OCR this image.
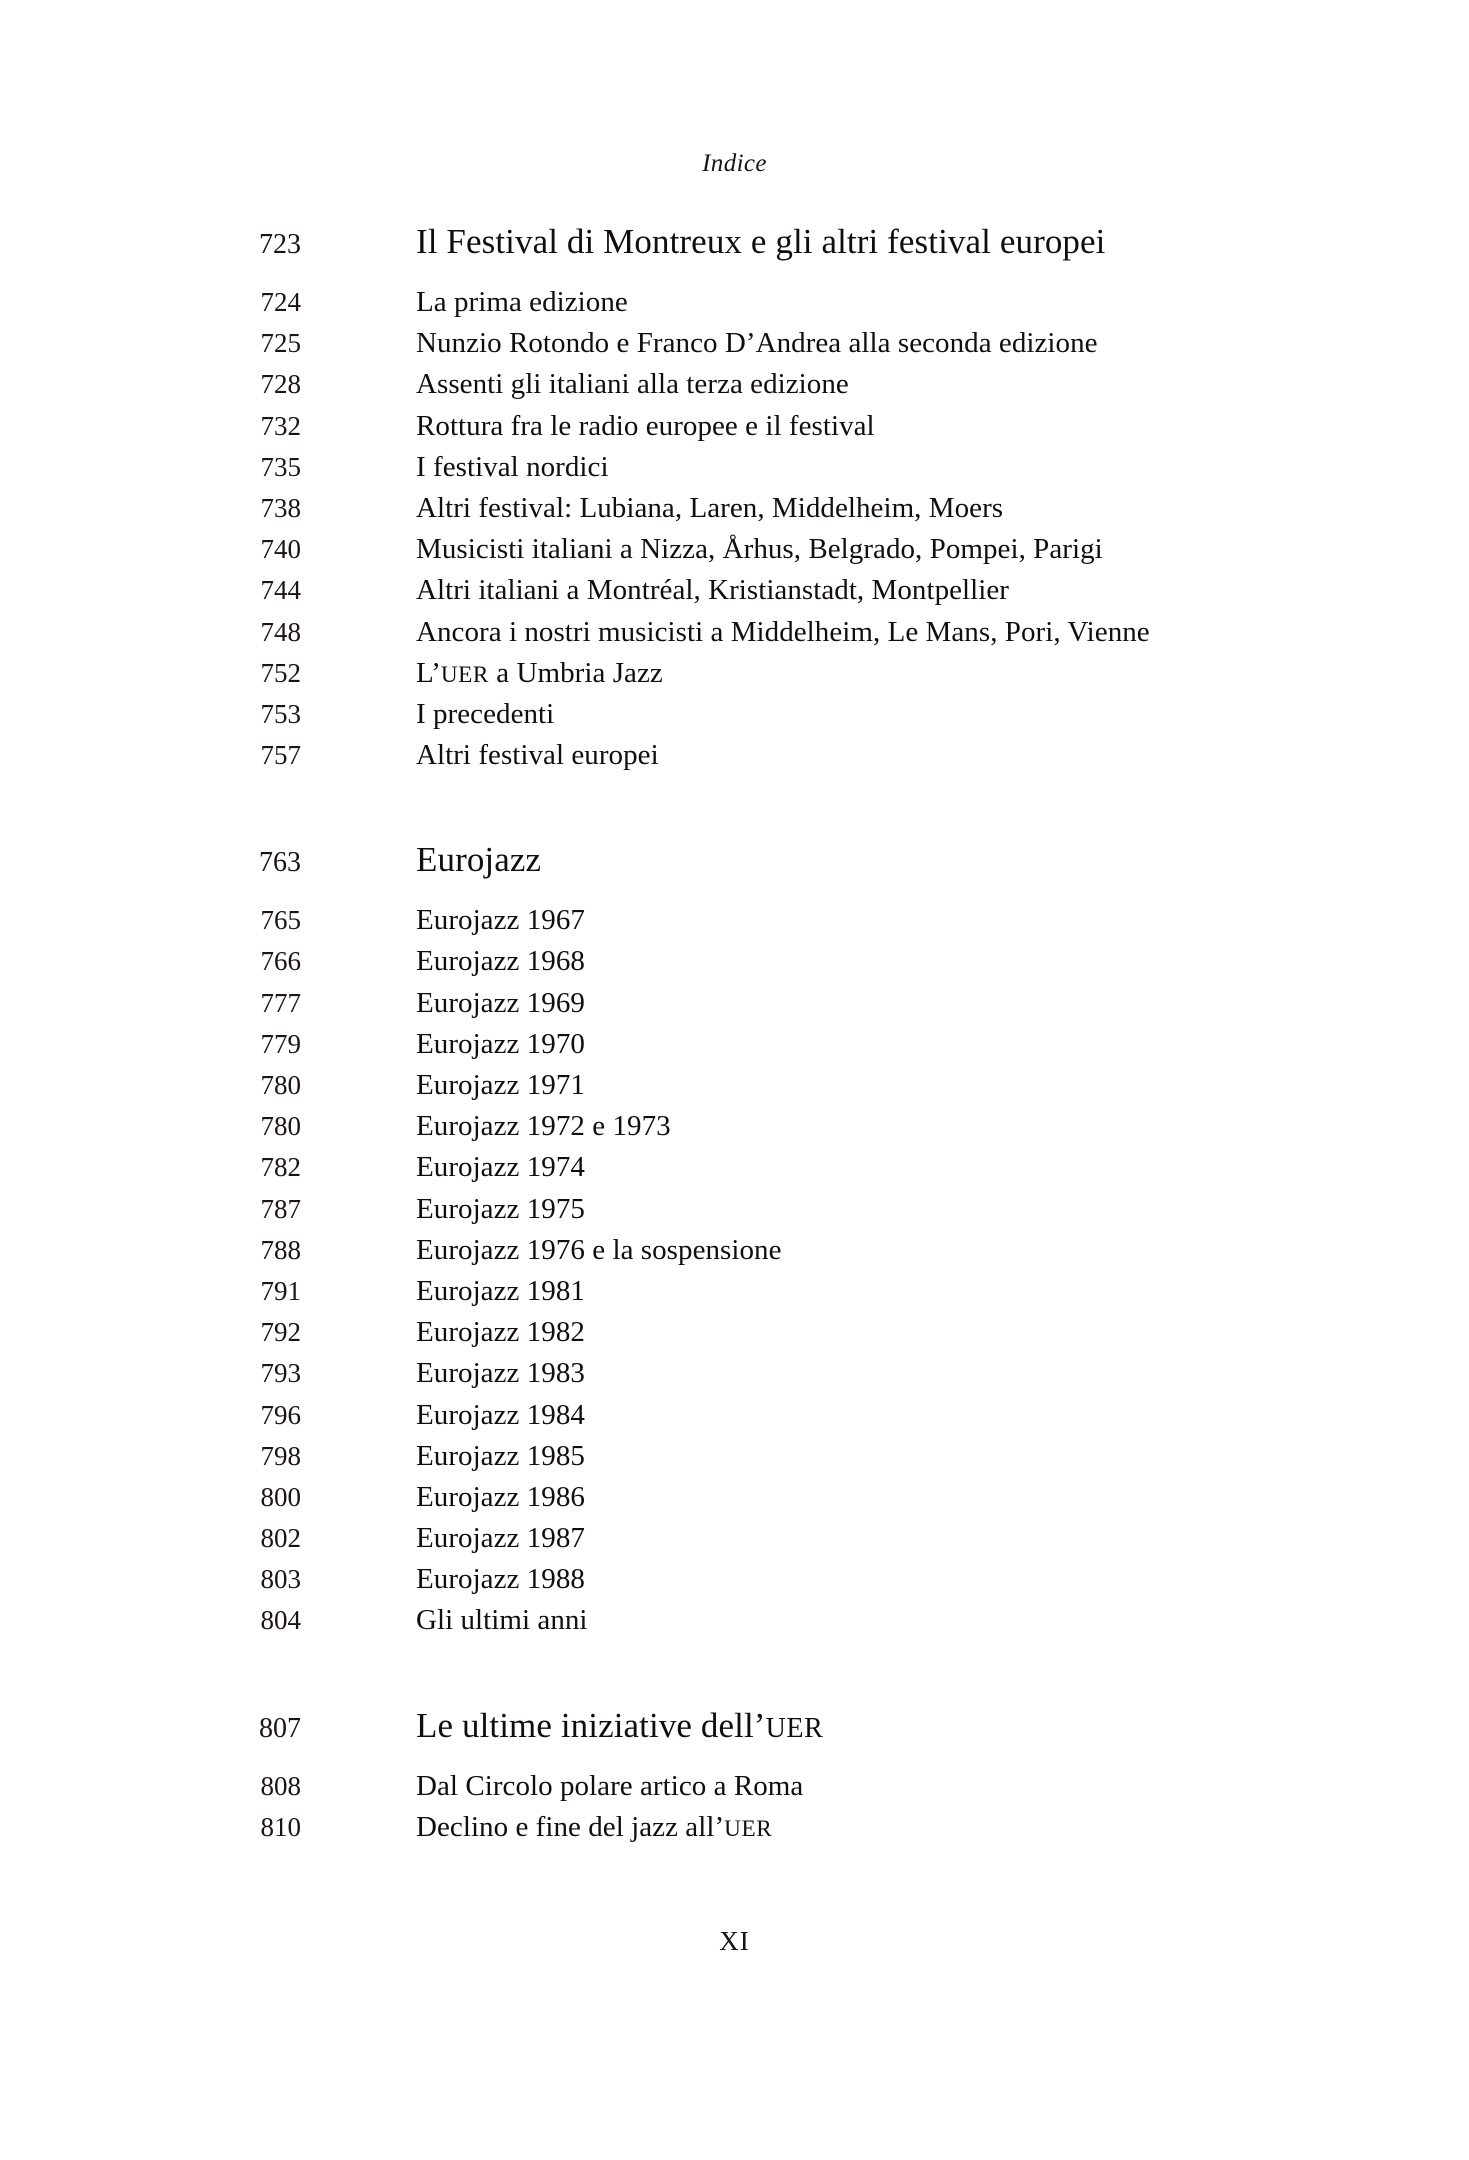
Indice
723	Il Festival di Montreux e gli altri festival europei
724	La prima edizione
725	Nunzio Rotondo e Franco D’Andrea alla seconda edizione
728	Assenti gli italiani alla terza edizione
732	Rottura fra le radio europee e il festival
735	I festival nordici
738	Altri festival: Lubiana, Laren, Middelheim, Moers
740	Musicisti italiani a Nizza, Århus, Belgrado, Pompei, Parigi
744	Altri italiani a Montréal, Kristianstadt, Montpellier
748	Ancora i nostri musicisti a Middelheim, Le Mans, Pori, Vienne
752	L’UER a Umbria Jazz
753	I precedenti
757	Altri festival europei
763	Eurojazz
765	Eurojazz 1967
766	Eurojazz 1968
777	Eurojazz 1969
779	Eurojazz 1970
780	Eurojazz 1971
780	Eurojazz 1972 e 1973
782	Eurojazz 1974
787	Eurojazz 1975
788	Eurojazz 1976 e la sospensione
791	Eurojazz 1981
792	Eurojazz 1982
793	Eurojazz 1983
796	Eurojazz 1984
798	Eurojazz 1985
800	Eurojazz 1986
802	Eurojazz 1987
803	Eurojazz 1988
804	Gli ultimi anni
807	Le ultime iniziative dell’UER
808	Dal Circolo polare artico a Roma
810	Declino e fine del jazz all’UER
XI
